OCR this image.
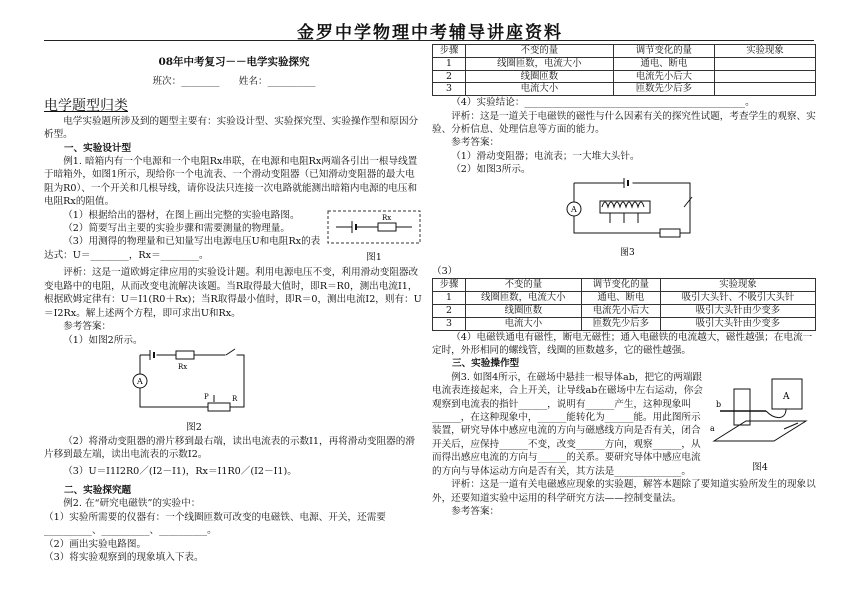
金罗中学物理中考辅导讲座资料

08年中考复习－－电学实验探究

班次：________　　姓名：__________

电学题型归类

电学实验题所涉及到的题型主要有：实验设计型、实验探究型、实验操作型和原因分析型。

一、实验设计型

例1. 暗箱内有一个电源和一个电阻Rx串联，在电源和电阻Rx两端各引出一根导线置于暗箱外，如图1所示，现给你一个电流表、一个滑动变阻器（已知滑动变阻器的最大电阻为R0）、一个开关和几根导线，请你设法只连接一次电路就能测出暗箱内电源的电压和电阻Rx的阻值。

（1）根据给出的器材，在图上画出完整的实验电路图。

（2）简要写出主要的实验步骤和需要测量的物理量。

（3）用测得的物理量和已知量写出电源电压U和电阻Rx的表达式：U＝________，Rx＝________。

Rx
图1

评析：这是一道欧姆定律应用的实验设计题。利用电源电压不变，利用滑动变阻器改变电路中的电阻，从而改变电流解决该题。当R取得最大值时，即R＝R0，测出电流I1，根据欧姆定律有：U＝I1(R0＋Rx)；当R取得最小值时，即R＝0，测出电流I2，则有：U＝I2Rx。解上述两个方程，即可求出U和Rx。

参考答案：

（1）如图2所示。

Rx
A
P	R
图2

（2）将滑动变阻器的滑片移到最右端，读出电流表的示数I1，再将滑动变阻器的滑片移到最左端，读出电流表的示数I2。

（3）U＝I1I2R0／(I2－I1)，Rx＝I1R0／(I2－I1)。

二、实验探究题

例2. 在“研究电磁铁”的实验中：

（1）实验所需要的仪器有：一个线圈匝数可改变的电磁铁、电源、开关，还需要__________、__________、__________。

（2）画出实验电路图。

（3）将实验观察到的现象填入下表。

步骤	不变的量	调节变化的量	实验现象
1	线圈匝数，电流大小	通电、断电	
2	线圈匝数	电流先小后大	
3	电流大小	匝数先少后多	

（4）实验结论：______________________________________________。

评析：这是一道关于电磁铁的磁性与什么因素有关的探究性试题，考查学生的观察、实验、分析信息、处理信息等方面的能力。

参考答案：

（1）滑动变阻器；电流表；一大堆大头针。

（2）如图3所示。

A
图3

（3）

步骤	不变的量	调节变化的量	实验现象
1	线圈匝数，电流大小	通电、断电	吸引大头针、不吸引大头针
2	线圈匝数	电流先小后大	吸引大头针由少变多
3	电流大小	匝数先少后多	吸引大头针由少变多

（4）电磁铁通电有磁性，断电无磁性；通入电磁铁的电流越大，磁性越强；在电流一定时，外形相同的螺线管，线圈的匝数越多，它的磁性越强。

三、实验操作型

例3. 如图4所示，在磁场中悬挂一根导体ab，把它的两端跟电流表连接起来，合上开关，让导线ab在磁场中左右运动，你会观察到电流表的指针______，说明有______产生，这种现象叫______，在这种现象中，______能转化为______能。用此图所示装置，研究导体中感应电流的方向与磁感线方向是否有关，闭合开关后，应保持______不变，改变______方向，观察______，从而得出感应电流的方向与______的关系。要研究导体中感应电流的方向与导体运动方向是否有关，其方法是______________。

b
a
A
图4

评析：这是一道有关电磁感应现象的实验题，解答本题除了要知道实验所发生的现象以外，还要知道实验中运用的科学研究方法——控制变量法。

参考答案：
